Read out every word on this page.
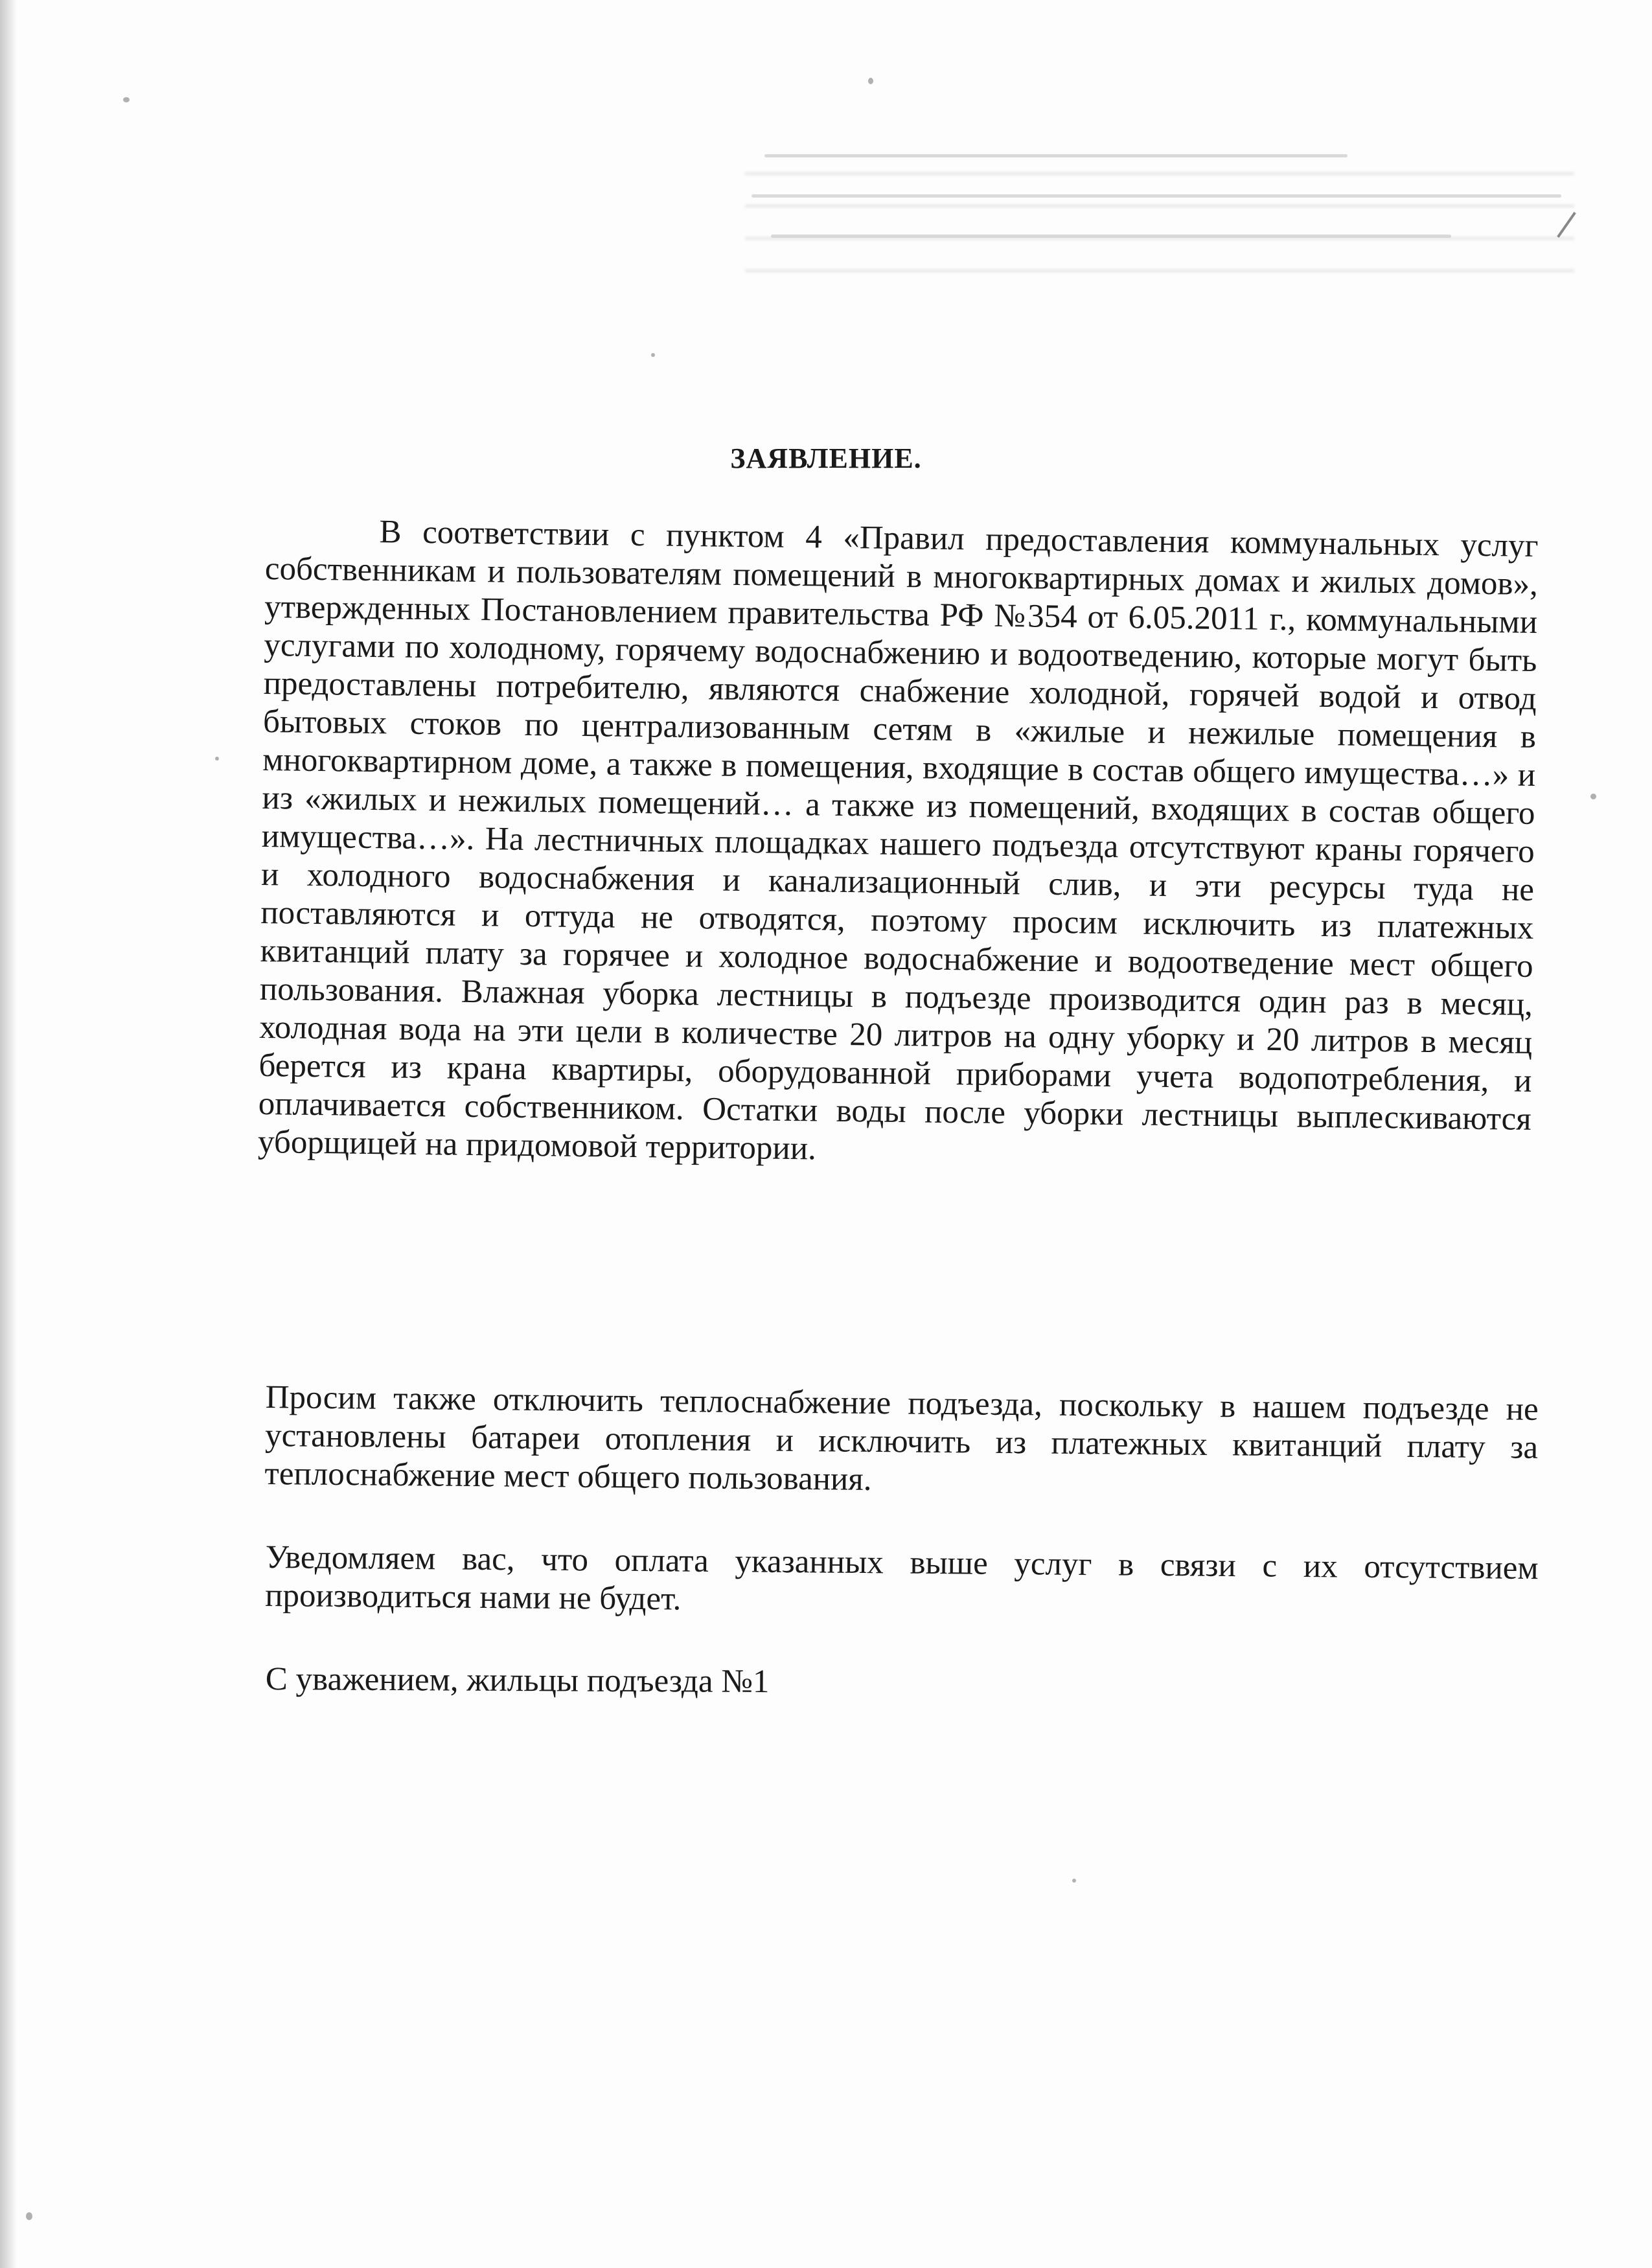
ЗАЯВЛЕНИЕ.
В соответствии с пунктом 4 «Правил предоставления коммунальных услуг собственникам и пользователям помещений в многоквартирных домах и жилых домов», утвержденных Постановлением правительства РФ №354 от 6.05.2011 г., коммунальными услугами по холодному, горячему водоснабжению и водоотведению, которые могут быть предоставлены потребителю, являются снабжение холодной, горячей водой и отвод бытовых стоков по централизованным сетям в «жилые и нежилые помещения в многоквартирном доме, а также в помещения, входящие в состав общего имущества…» и из «жилых и нежилых помещений… а также из помещений, входящих в состав общего имущества…». На лестничных площадках нашего подъезда отсутствуют краны горячего и холодного водоснабжения и канализационный слив, и эти ресурсы туда не поставляются и оттуда не отводятся, поэтому просим исключить из платежных квитанций плату за горячее и холодное водоснабжение и водоотведение мест общего пользования. Влажная уборка лестницы в подъезде производится один раз в месяц, холодная вода на эти цели в количестве 20 литров на одну уборку и 20 литров в месяц берется из крана квартиры, оборудованной приборами учета водопотребления, и оплачивается собственником. Остатки воды после уборки лестницы выплескиваются уборщицей на придомовой территории.
Просим также отключить теплоснабжение подъезда, поскольку в нашем подъезде не установлены батареи отопления и исключить из платежных квитанций плату за теплоснабжение мест общего пользования.
Уведомляем вас, что оплата указанных выше услуг в связи с их отсутствием производиться нами не будет.
С уважением, жильцы подъезда №1
